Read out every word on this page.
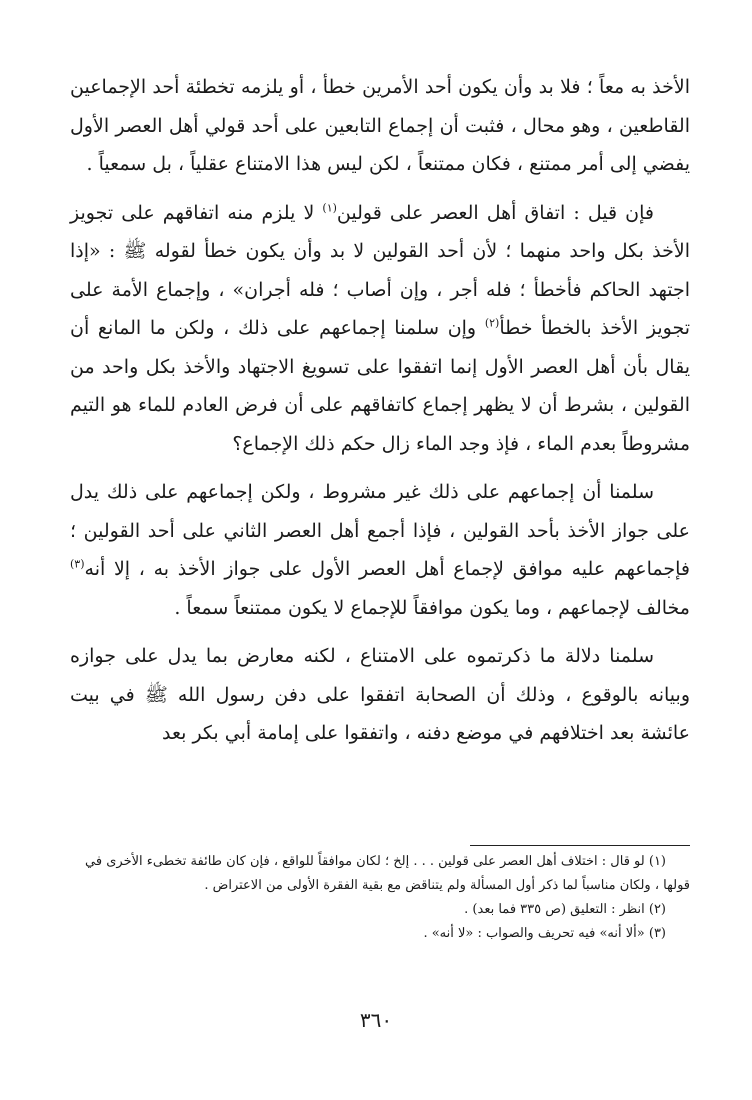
الأخذ به معاً ؛ فلا بد وأن يكون أحد الأمرين خطأ ، أو يلزمه تخطئة أحد الإجماعين القاطعين ، وهو محال ، فثبت أن إجماع التابعين على أحد قولي أهل العصر الأول يفضي إلى أمر ممتنع ، فكان ممتنعاً ، لكن ليس هذا الامتناع عقلياً ، بل سمعياً .

فإن قيل : اتفاق أهل العصر على قولين$^{(١)}$ لا يلزم منه اتفاقهم على تجويز الأخذ بكل واحد منهما ؛ لأن أحد القولين لا بد وأن يكون خطأ لقوله ﷺ : «إذا اجتهد الحاكم فأخطأ ؛ فله أجر ، وإن أصاب ؛ فله أجران» ، وإجماع الأمة على تجويز الأخذ بالخطأ خطأ$^{(٢)}$ وإن سلمنا إجماعهم على ذلك ، ولكن ما المانع أن يقال بأن أهل العصر الأول إنما اتفقوا على تسويغ الاجتهاد والأخذ بكل واحد من القولين ، بشرط أن لا يظهر إجماع كاتفاقهم على أن فرض العادم للماء هو التيم مشروطاً بعدم الماء ، فإذ وجد الماء زال حكم ذلك الإجماع؟

سلمنا أن إجماعهم على ذلك غير مشروط ، ولكن إجماعهم على ذلك يدل على جواز الأخذ بأحد القولين ، فإذا أجمع أهل العصر الثاني على أحد القولين ؛ فإجماعهم عليه موافق لإجماع أهل العصر الأول على جواز الأخذ به ، إلا أنه$^{(٣)}$ مخالف لإجماعهم ، وما يكون موافقاً للإجماع لا يكون ممتنعاً سمعاً .

سلمنا دلالة ما ذكرتموه على الامتناع ، لكنه معارض بما يدل على جوازه وبيانه بالوقوع ، وذلك أن الصحابة اتفقوا على دفن رسول الله ﷺ في بيت عائشة بعد اختلافهم في موضع دفنه ، واتفقوا على إمامة أبي بكر بعد

(١) لو قال : اختلاف أهل العصر على قولين . . . إلخ ؛ لكان موافقاً للواقع ، فإن كان طائفة تخطىء الأخرى في قولها ، ولكان مناسباً لما ذكر أول المسألة ولم يتناقض مع بقية الفقرة الأولى من الاعتراض .

(٢) انظر : التعليق (ص ٣٣٥ فما بعد) .

(٣) «ألا أنه» فيه تحريف والصواب : «لا أنه» .

٣٦٠
